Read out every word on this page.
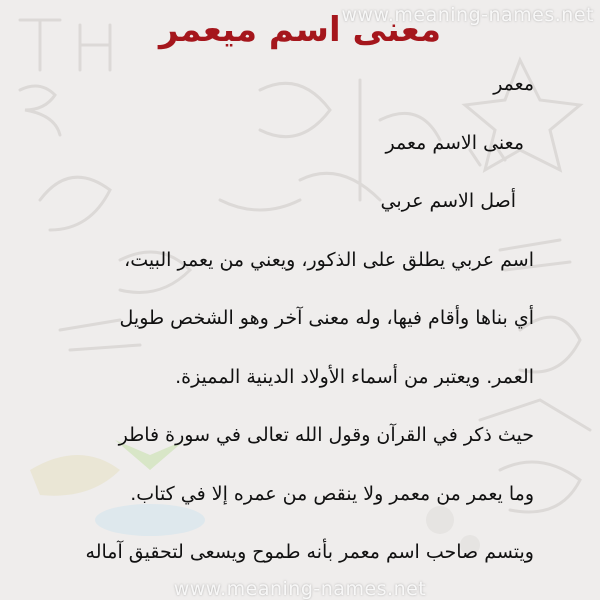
www.meaning-names.net
معنى اسم ميعمر
معمر
معنى الاسم معمر
أصل الاسم عربي
اسم عربي يطلق على الذكور، ويعني من يعمر البيت،
أي بناها وأقام فيها، وله معنى آخر وهو الشخص طويل
العمر. ويعتبر من أسماء الأولاد الدينية المميزة.
حيث ذكر في القرآن وقول الله تعالى في سورة فاطر
وما يعمر من معمر ولا ينقص من عمره إلا في كتاب.
ويتسم صاحب اسم معمر بأنه طموح ويسعى لتحقيق آماله
www.meaning-names.net
